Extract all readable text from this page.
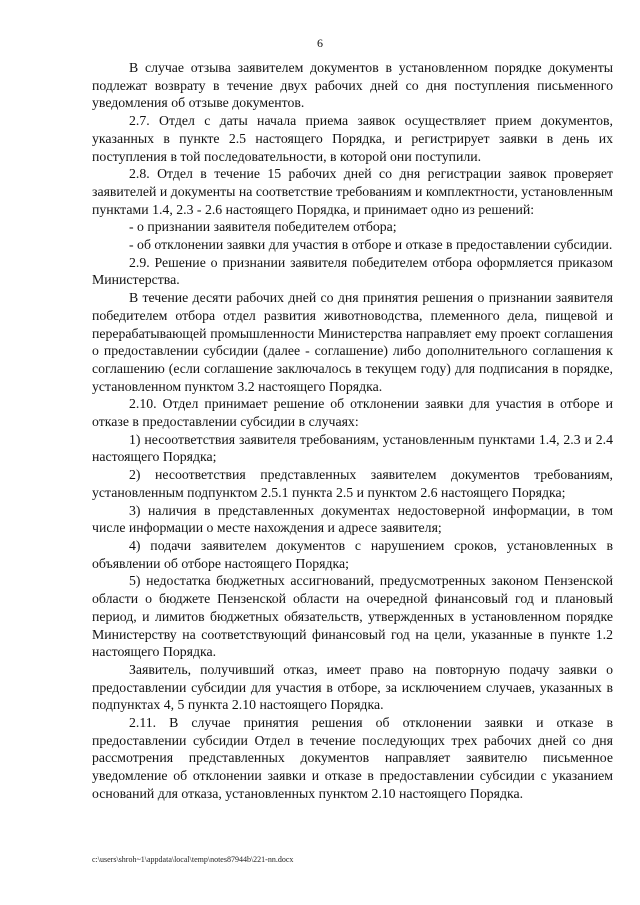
6

В случае отзыва заявителем документов в установленном порядке документы подлежат возврату в течение двух рабочих дней со дня поступления письменного уведомления об отзыве документов.

2.7. Отдел с даты начала приема заявок осуществляет прием документов, указанных в пункте 2.5 настоящего Порядка, и регистрирует заявки в день их поступления в той последовательности, в которой они поступили.

2.8. Отдел в течение 15 рабочих дней со дня регистрации заявок проверяет заявителей и документы на соответствие требованиям и комплектности, установленным пунктами 1.4, 2.3 - 2.6 настоящего Порядка, и принимает одно из решений:

- о признании заявителя победителем отбора;

- об отклонении заявки для участия в отборе и отказе в предоставлении субсидии.

2.9. Решение о признании заявителя победителем отбора оформляется приказом Министерства.

В течение десяти рабочих дней со дня принятия решения о признании заявителя победителем отбора отдел развития животноводства, племенного дела, пищевой и перерабатывающей промышленности Министерства направляет ему проект соглашения о предоставлении субсидии (далее - соглашение) либо дополнительного соглашения к соглашению (если соглашение заключалось в текущем году) для подписания в порядке, установленном пунктом 3.2 настоящего Порядка.

2.10. Отдел принимает решение об отклонении заявки для участия в отборе и отказе в предоставлении субсидии в случаях:

1) несоответствия заявителя требованиям, установленным пунктами 1.4, 2.3 и 2.4 настоящего Порядка;

2) несоответствия представленных заявителем документов требованиям, установленным подпунктом 2.5.1 пункта 2.5 и пунктом 2.6 настоящего Порядка;

3) наличия в представленных документах недостоверной информации, в том числе информации о месте нахождения и адресе заявителя;

4) подачи заявителем документов с нарушением сроков, установленных в объявлении об отборе настоящего Порядка;

5) недостатка бюджетных ассигнований, предусмотренных законом Пензенской области о бюджете Пензенской области на очередной финансовый год и плановый период, и лимитов бюджетных обязательств, утвержденных в установленном порядке Министерству на соответствующий финансовый год на цели, указанные в пункте 1.2 настоящего Порядка.

Заявитель, получивший отказ, имеет право на повторную подачу заявки о предоставлении субсидии для участия в отборе, за исключением случаев, указанных в подпунктах 4, 5 пункта 2.10 настоящего Порядка.

2.11. В случае принятия решения об отклонении заявки и отказе в предоставлении субсидии Отдел в течение последующих трех рабочих дней со дня рассмотрения представленных документов направляет заявителю письменное уведомление об отклонении заявки и отказе в предоставлении субсидии с указанием оснований для отказа, установленных пунктом 2.10 настоящего Порядка.

c:\users\shroh~1\appdata\local\temp\notes87944b\221-nn.docx
